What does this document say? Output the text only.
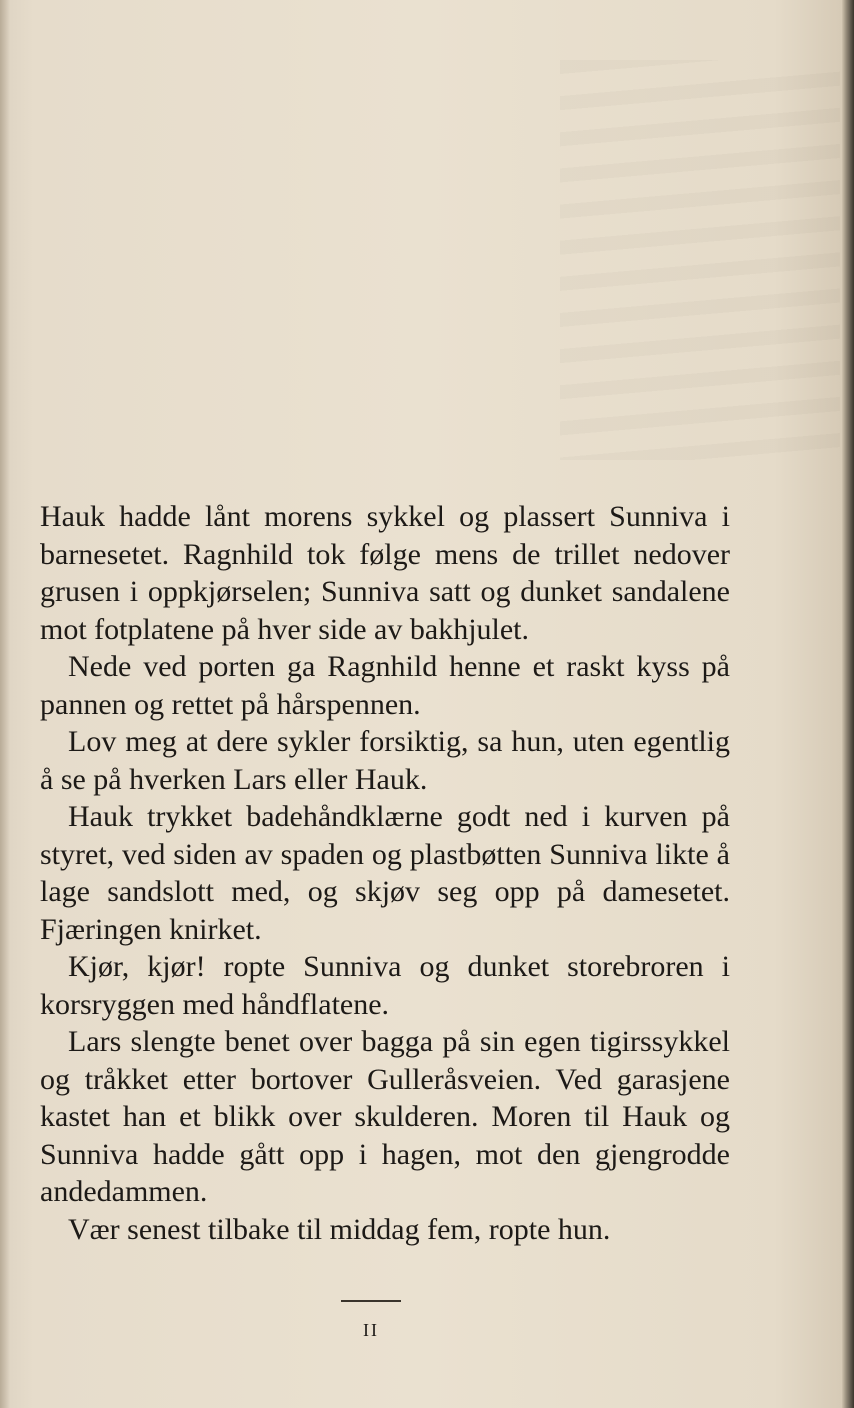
Hauk hadde lånt morens sykkel og plassert Sunniva i barnesetet. Ragnhild tok følge mens de trillet nedover grusen i oppkjørselen; Sunniva satt og dunket sandalene mot fotplatene på hver side av bakhjulet.

Nede ved porten ga Ragnhild henne et raskt kyss på pannen og rettet på hårspennen.

Lov meg at dere sykler forsiktig, sa hun, uten egentlig å se på hverken Lars eller Hauk.

Hauk trykket badehåndklærne godt ned i kurven på styret, ved siden av spaden og plastbøtten Sunniva likte å lage sandslott med, og skjøv seg opp på damesetet. Fjæringen knirket.

Kjør, kjør! ropte Sunniva og dunket storebroren i korsryggen med håndflatene.

Lars slengte benet over bagga på sin egen tigirssykkel og tråkket etter bortover Gulleråsveien. Ved garasjene kastet han et blikk over skulderen. Moren til Hauk og Sunniva hadde gått opp i hagen, mot den gjengrodde andedammen.

Vær senest tilbake til middag fem, ropte hun.

II
